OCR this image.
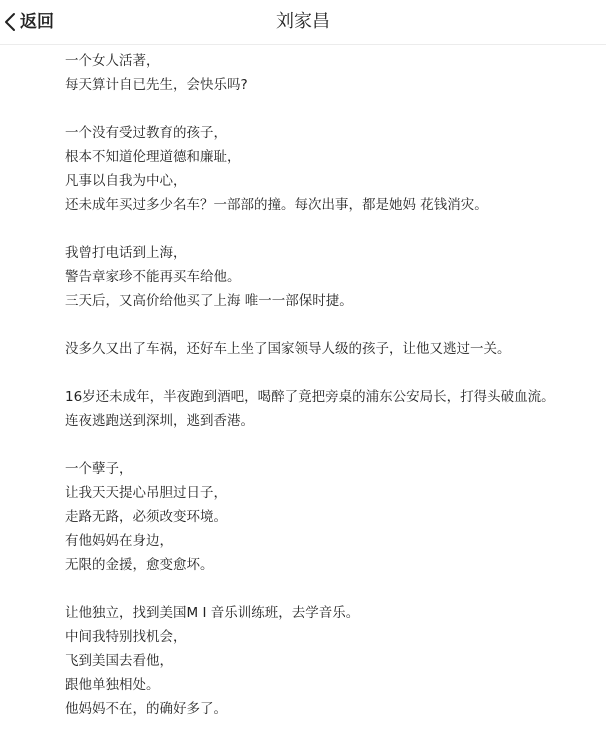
返回	刘家昌
一个女人活著，
每天算计自已先生，会快乐吗?
一个没有受过教育的孩子，
根本不知道伦理道德和廉耻，
凡事以自我为中心，
还未成年买过多少名车？一部部的撞。每次出事，都是她妈 花钱消灾。
我曾打电话到上海，
警告章家珍不能再买车给他。
三天后，又高价给他买了上海 唯一一部保时捷。
没多久又出了车祸，还好车上坐了国家领导人级的孩子，让他又逃过一关。
16岁还未成年，半夜跑到酒吧，喝醉了竟把旁桌的浦东公安局长，打得头破血流。
连夜逃跑送到深圳，逃到香港。
一个孽子，
让我天天提心吊胆过日子，
走路无路，必须改变环境。
有他妈妈在身边，
无限的金援，愈变愈坏。
让他独立，找到美国M I 音乐训练班，去学音乐。
中间我特别找机会，
飞到美国去看他，
跟他单独相处。
他妈妈不在，的确好多了。
